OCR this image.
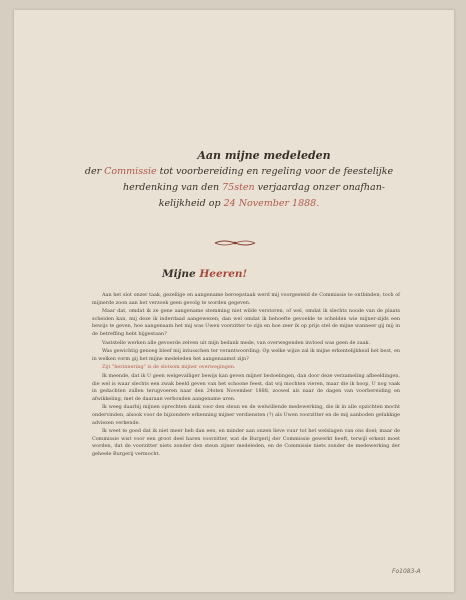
Aan mijne medeleden
der Commissie tot voorbereiding en regeling voor de feestelijke
herdenking van den 75sten verjaardag onzer onafhan-
kelijkheid op 24 November 1888.
Mijne Heeren!

Aan het slot onzer taak, gezellige en aangename beroepstaak werd mij voorgesteld de Commissie te ontbinden; toch of mijnerde zoon aan het verzoek geen gevolg te worden gegeven.

Maar dat, omdat ik ze gene aangename stemming niet wilde verstoren, of wel, omdat ik slechts noode van de plaats scheiden kan, mij deze ik inderdaad aangewezen; dan wel omdat ik behoefte gevoelde te schelden wie mijner-zijds een bewijs te geven, hoe aangenaam het mij was Uwen voorzitter te zijn en hoe zeer ik op prijs stel de mijne wanneer gij mij in de betreffing hebt bijgestaan?

Vaststelle werken alle gevoerde zelven uit mijn bedank mede, van overwegenden invloed was geen de zaak.

Was gewichtig genoeg bleef mij intusschen ter verantwoording: Op welke wijze zal ik mijne erkentelijkheid het best, en in welken vorm gij het mijne medeleden het aangenaamst zijn?

Zijt "herinnering" is de slotsom mijner overwegingen.

Ik meende, dat ik U geen welgevalliger bewijs kan geven mijner bedoelingen, dan door deze verzameling afbeeldingen, die wel is waar slechts een zwak beeld geven van het schoone feest, dat wij mochten vieren, maar die ik hoop, U nog vaak in gedachten zullen terugvoeren naar den 24sten November 1888, zoowel als naar de dagen van voorbereiding en afwikkeling, met de daaraan verbonden aangename uren.

Ik weeg daarbij mijnen oprechten dank voor den steun en de welwillende medewerking, die ik in alle opzichten mocht ondervinden, alsook voor de bijzondere erkenning mijner verdiensten (?) als Uwen voorzitter en de mij aanboden gelukkige adviezen verkende.

Ik weet te goed dat ik niet meer heb dan een, en minder aan onzen lieve vuur tot het welslagen van ons doel; maar de Commissie wist voor een groot deel haren voorzitter, wat de Burgerij der Commissie gewerkt heeft, terwijl erkent moet worden, dat de voorzitter niets zonder den steun zijner medeleden, en de Commissie niets zonder de medewerking der geheele Burgerij vermocht.

Fo1083-A
